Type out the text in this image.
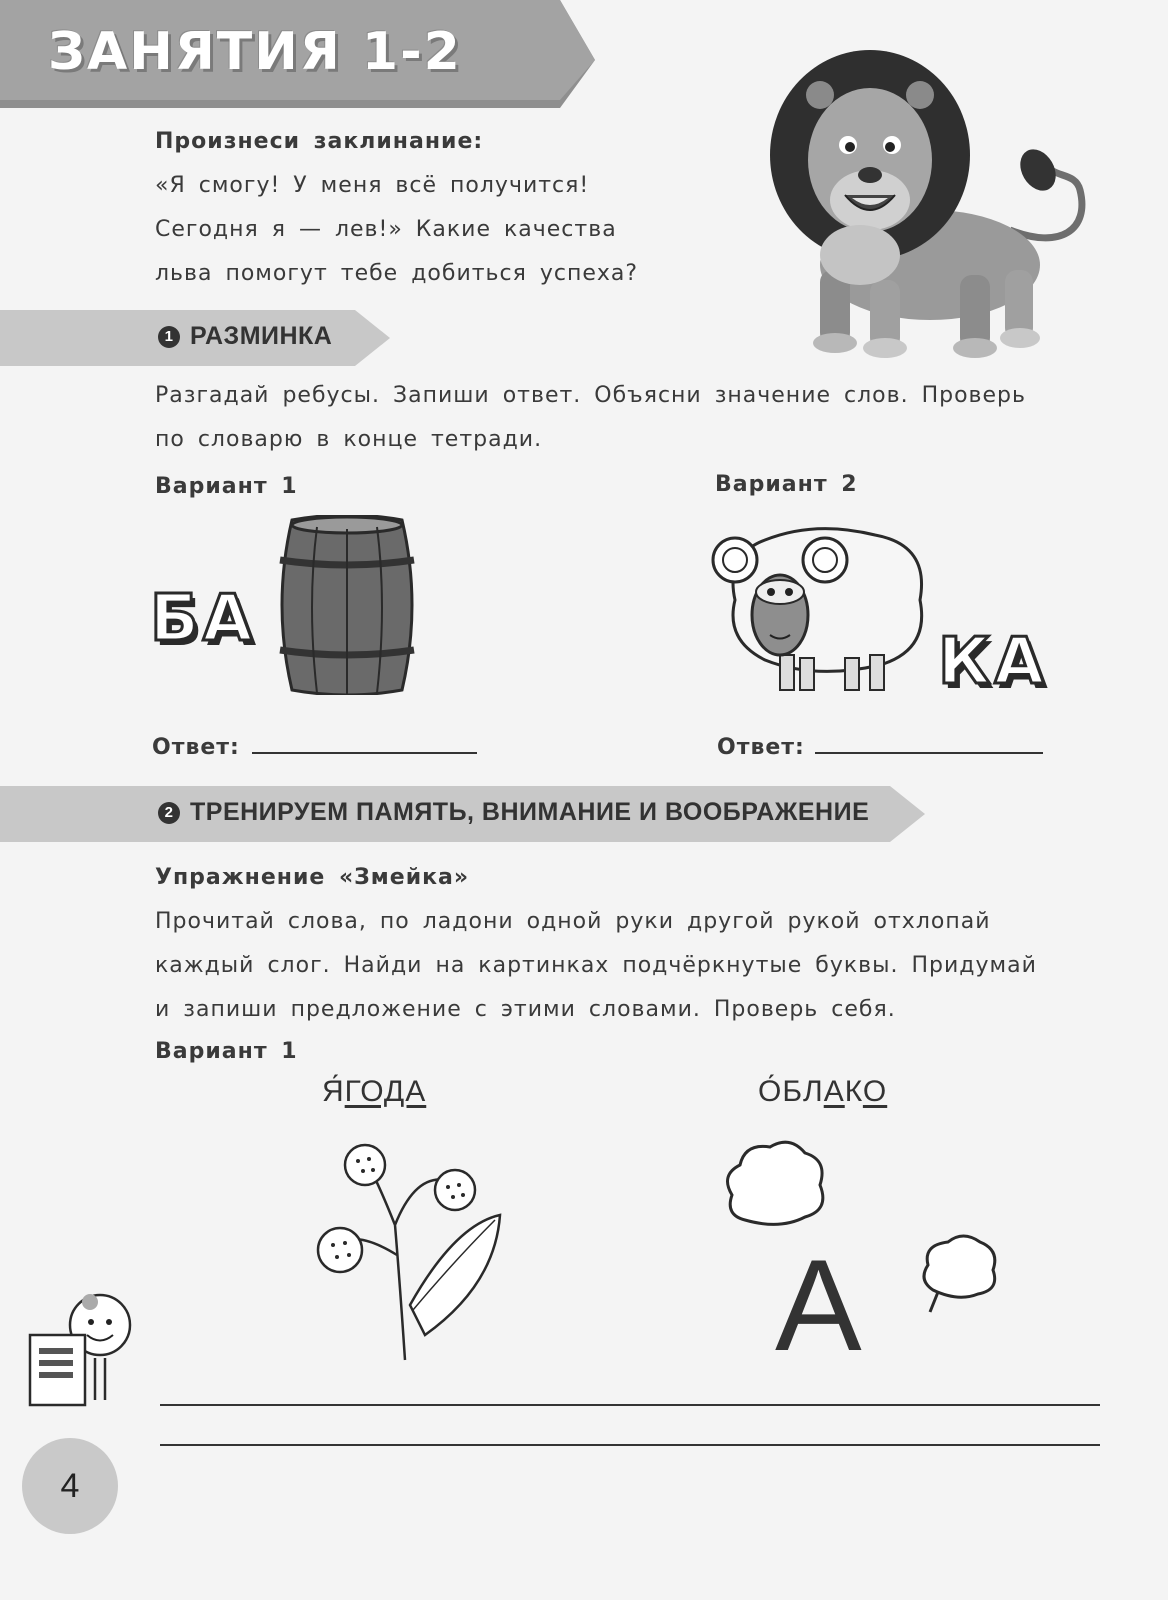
ЗАНЯТИЯ 1-2
Произнеси заклинание:
«Я смогу! У меня всё получится!
Сегодня я — лев!» Какие качества
льва помогут тебе добиться успеха?
1 РАЗМИНКА
Разгадай ребусы. Запиши ответ. Объясни значение слов. Проверь
по словарю в конце тетради.
Вариант 1	Вариант 2
БА
КА
Ответ:	Ответ:
2 ТРЕНИРУЕМ ПАМЯТЬ, ВНИМАНИЕ И ВООБРАЖЕНИЕ
Упражнение «Змейка»
Прочитай слова, по ладони одной руки другой рукой отхлопай
каждый слог. Найди на картинках подчёркнутые буквы. Придумай
и запиши предложение с этими словами. Проверь себя.
Вариант 1
Я́ГОДА	О́БЛАКО
А
4
